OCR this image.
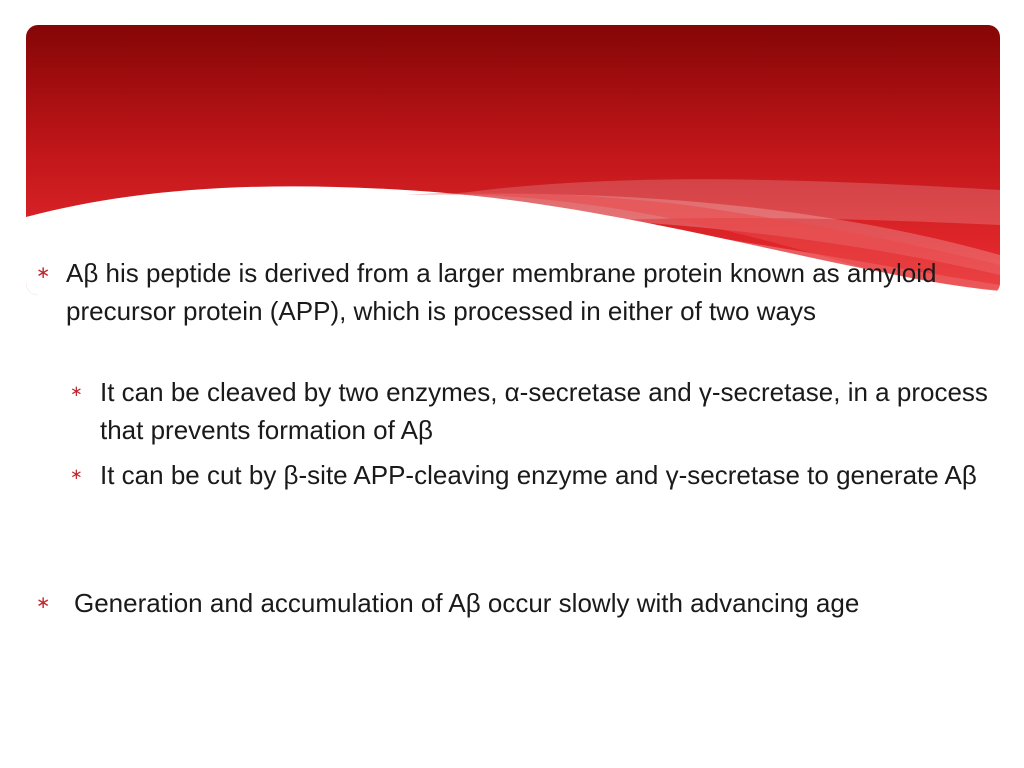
∗ Aβ his peptide is derived from a larger membrane protein known as amyloid precursor protein (APP), which is processed in either of two ways
∗ It can be cleaved by two enzymes, α-secretase and γ-secretase, in a process that prevents formation of Aβ
∗ It can be cut by β-site APP-cleaving enzyme and γ-secretase to generate Aβ
∗ Generation and accumulation of Aβ occur slowly with advancing age
